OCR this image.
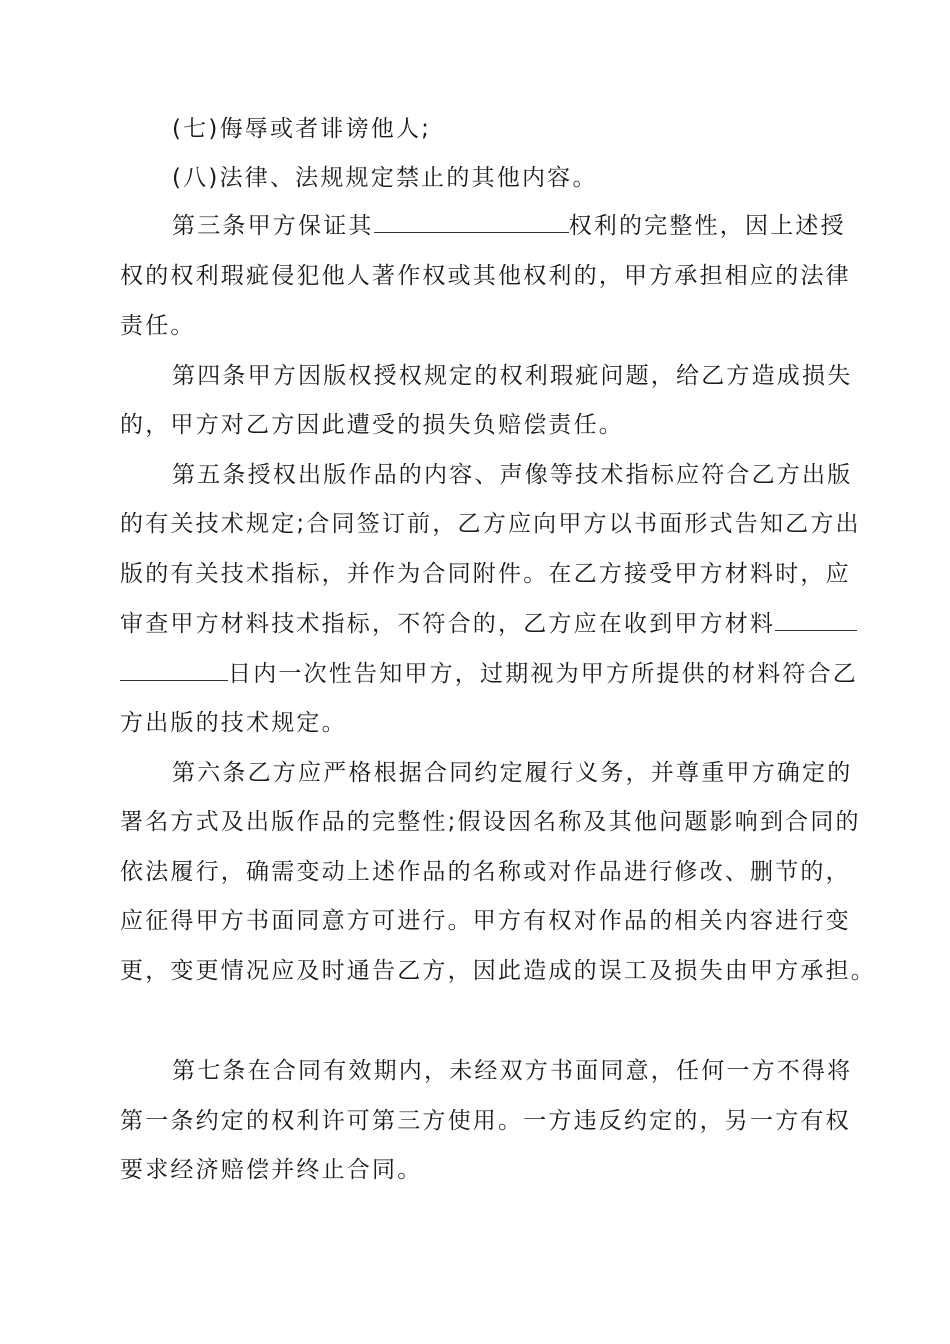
(七)侮辱或者诽谤他人;
(八)法律、法规规定禁止的其他内容。
第三条甲方保证其	权利的完整性，因上述授
权的权利瑕疵侵犯他人著作权或其他权利的，甲方承担相应的法律
责任。
第四条甲方因版权授权规定的权利瑕疵问题，给乙方造成损失
的，甲方对乙方因此遭受的损失负赔偿责任。
第五条授权出版作品的内容、声像等技术指标应符合乙方出版
的有关技术规定;合同签订前，乙方应向甲方以书面形式告知乙方出
版的有关技术指标，并作为合同附件。在乙方接受甲方材料时，应
审查甲方材料技术指标，不符合的，乙方应在收到甲方材料
日内一次性告知甲方，过期视为甲方所提供的材料符合乙
方出版的技术规定。
第六条乙方应严格根据合同约定履行义务，并尊重甲方确定的
署名方式及出版作品的完整性;假设因名称及其他问题影响到合同的
依法履行，确需变动上述作品的名称或对作品进行修改、删节的，
应征得甲方书面同意方可进行。甲方有权对作品的相关内容进行变
更，变更情况应及时通告乙方，因此造成的误工及损失由甲方承担。
第七条在合同有效期内，未经双方书面同意，任何一方不得将
第一条约定的权利许可第三方使用。一方违反约定的，另一方有权
要求经济赔偿并终止合同。
